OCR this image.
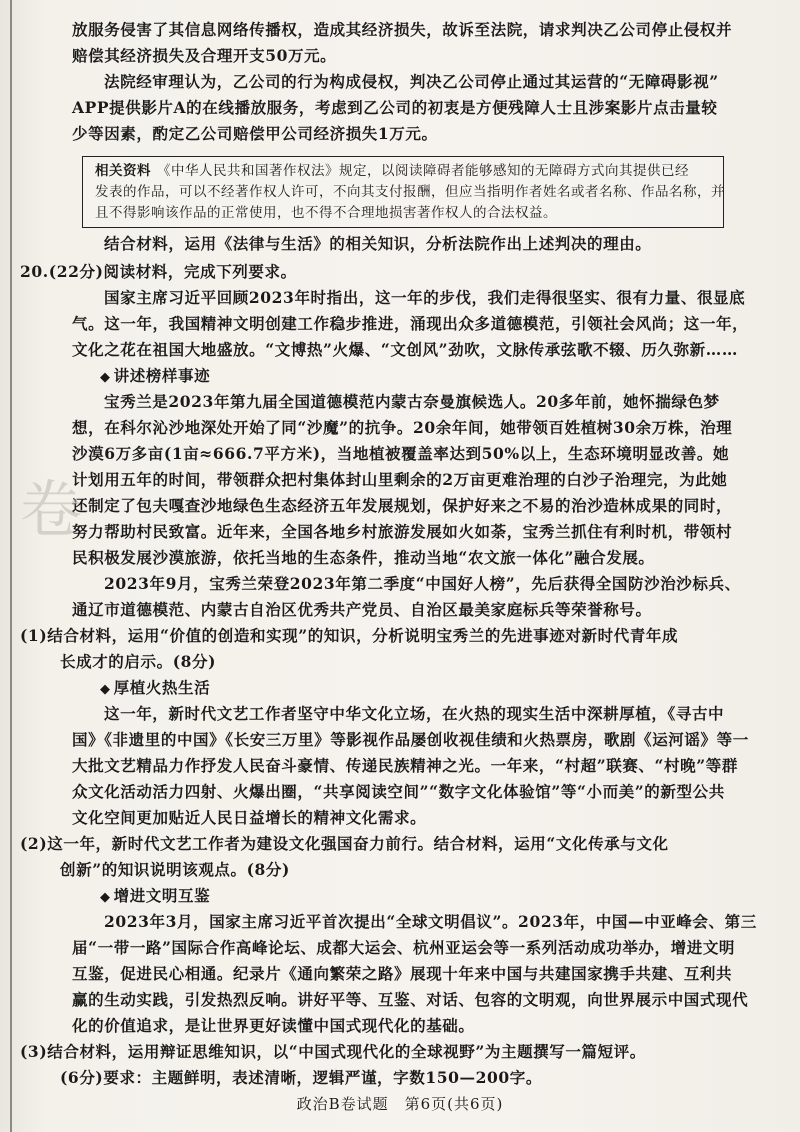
放服务侵害了其信息网络传播权，造成其经济损失，故诉至法院，请求判决乙公司停止侵权并
赔偿其经济损失及合理开支50万元。
法院经审理认为，乙公司的行为构成侵权，判决乙公司停止通过其运营的“无障碍影视”
APP提供影片A的在线播放服务，考虑到乙公司的初衷是方便残障人士且涉案影片点击量较
少等因素，酌定乙公司赔偿甲公司经济损失1万元。
相关资料 《中华人民共和国著作权法》规定，以阅读障碍者能够感知的无障碍方式向其提供已经
发表的作品，可以不经著作权人许可，不向其支付报酬，但应当指明作者姓名或者名称、作品名称，并
且不得影响该作品的正常使用，也不得不合理地损害著作权人的合法权益。
结合材料，运用《法律与生活》的相关知识，分析法院作出上述判决的理由。
20.(22分)阅读材料，完成下列要求。
国家主席习近平回顾2023年时指出，这一年的步伐，我们走得很坚实、很有力量、很显底
气。这一年，我国精神文明创建工作稳步推进，涌现出众多道德模范，引领社会风尚；这一年，
文化之花在祖国大地盛放。“文博热”火爆、“文创风”劲吹，文脉传承弦歌不辍、历久弥新……
◆ 讲述榜样事迹
宝秀兰是2023年第九届全国道德模范内蒙古奈曼旗候选人。20多年前，她怀揣绿色梦
想，在科尔沁沙地深处开始了同“沙魔”的抗争。20余年间，她带领百姓植树30余万株，治理
沙漠6万多亩(1亩≈666.7平方米)，当地植被覆盖率达到50%以上，生态环境明显改善。她
计划用五年的时间，带领群众把村集体封山里剩余的2万亩更难治理的白沙子治理完，为此她
还制定了包夫嘎查沙地绿色生态经济五年发展规划，保护好来之不易的治沙造林成果的同时，
努力帮助村民致富。近年来，全国各地乡村旅游发展如火如荼，宝秀兰抓住有利时机，带领村
民积极发展沙漠旅游，依托当地的生态条件，推动当地“农文旅一体化”融合发展。
2023年9月，宝秀兰荣登2023年第二季度“中国好人榜”，先后获得全国防沙治沙标兵、
通辽市道德模范、内蒙古自治区优秀共产党员、自治区最美家庭标兵等荣誉称号。
(1)结合材料，运用“价值的创造和实现”的知识，分析说明宝秀兰的先进事迹对新时代青年成
长成才的启示。(8分)
◆ 厚植火热生活
这一年，新时代文艺工作者坚守中华文化立场，在火热的现实生活中深耕厚植，《寻古中
国》《非遗里的中国》《长安三万里》等影视作品屡创收视佳绩和火热票房，歌剧《运河谣》等一
大批文艺精品力作抒发人民奋斗豪情、传递民族精神之光。一年来，“村超”联赛、“村晚”等群
众文化活动活力四射、火爆出圈，“共享阅读空间”“数字文化体验馆”等“小而美”的新型公共
文化空间更加贴近人民日益增长的精神文化需求。
(2)这一年，新时代文艺工作者为建设文化强国奋力前行。结合材料，运用“文化传承与文化
创新”的知识说明该观点。(8分)
◆ 增进文明互鉴
2023年3月，国家主席习近平首次提出“全球文明倡议”。2023年，中国—中亚峰会、第三
届“一带一路”国际合作高峰论坛、成都大运会、杭州亚运会等一系列活动成功举办，增进文明
互鉴，促进民心相通。纪录片《通向繁荣之路》展现十年来中国与共建国家携手共建、互利共
赢的生动实践，引发热烈反响。讲好平等、互鉴、对话、包容的文明观，向世界展示中国式现代
化的价值追求，是让世界更好读懂中国式现代化的基础。
(3)结合材料，运用辩证思维知识，以“中国式现代化的全球视野”为主题撰写一篇短评。
(6分)要求：主题鲜明，表述清晰，逻辑严谨，字数150—200字。
卷
政治B卷试题　第6页(共6页)
